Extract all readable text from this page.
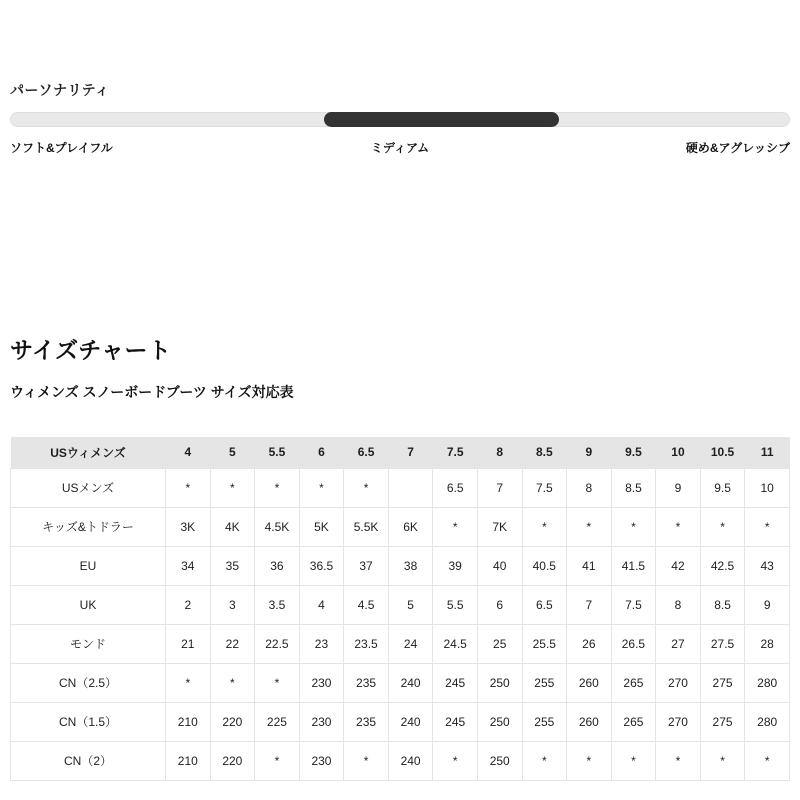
パーソナリティ
ソフト&プレイフル	ミディアム	硬め&アグレッシブ
サイズチャート
ウィメンズ スノーボードブーツ サイズ対応表
USウィメンズ	4	5	5.5	6	6.5	7	7.5	8	8.5	9	9.5	10	10.5	11
USメンズ	*	*	*	*	*		6.5	7	7.5	8	8.5	9	9.5	10
キッズ&トドラー	3K	4K	4.5K	5K	5.5K	6K	*	7K	*	*	*	*	*	*
EU	34	35	36	36.5	37	38	39	40	40.5	41	41.5	42	42.5	43
UK	2	3	3.5	4	4.5	5	5.5	6	6.5	7	7.5	8	8.5	9
モンド	21	22	22.5	23	23.5	24	24.5	25	25.5	26	26.5	27	27.5	28
CN（2.5）	*	*	*	230	235	240	245	250	255	260	265	270	275	280
CN（1.5）	210	220	225	230	235	240	245	250	255	260	265	270	275	280
CN（2）	210	220	*	230	*	240	*	250	*	*	*	*	*	*
